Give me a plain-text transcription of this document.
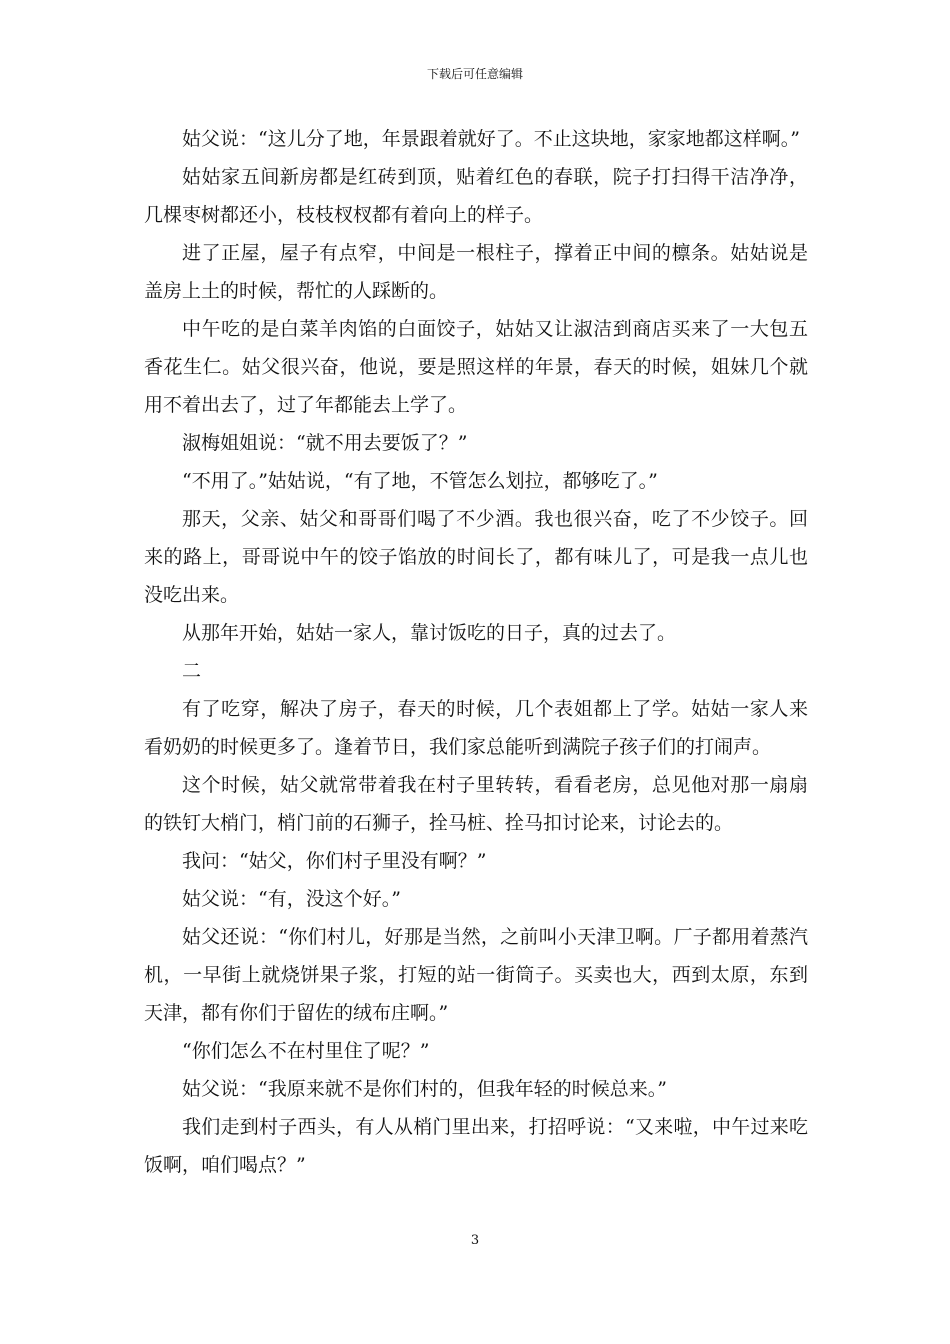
下载后可任意编辑

姑父说：“这儿分了地，年景跟着就好了。不止这块地，家家地都这样啊。”

姑姑家五间新房都是红砖到顶，贴着红色的春联，院子打扫得干洁净净，几棵枣树都还小，枝枝杈杈都有着向上的样子。

进了正屋，屋子有点窄，中间是一根柱子，撑着正中间的檩条。姑姑说是盖房上土的时候，帮忙的人踩断的。

中午吃的是白菜羊肉馅的白面饺子，姑姑又让淑洁到商店买来了一大包五香花生仁。姑父很兴奋，他说，要是照这样的年景，春天的时候，姐妹几个就用不着出去了，过了年都能去上学了。

淑梅姐姐说：“就不用去要饭了？”

“不用了。”姑姑说，“有了地，不管怎么划拉，都够吃了。”

那天，父亲、姑父和哥哥们喝了不少酒。我也很兴奋，吃了不少饺子。回来的路上，哥哥说中午的饺子馅放的时间长了，都有味儿了，可是我一点儿也没吃出来。

从那年开始，姑姑一家人，靠讨饭吃的日子，真的过去了。

二

有了吃穿，解决了房子，春天的时候，几个表姐都上了学。姑姑一家人来看奶奶的时候更多了。逢着节日，我们家总能听到满院子孩子们的打闹声。

这个时候，姑父就常带着我在村子里转转，看看老房，总见他对那一扇扇的铁钉大梢门，梢门前的石狮子，拴马桩、拴马扣讨论来，讨论去的。

我问：“姑父，你们村子里没有啊？”

姑父说：“有，没这个好。”

姑父还说：“你们村儿，好那是当然，之前叫小天津卫啊。厂子都用着蒸汽机，一早街上就烧饼果子浆，打短的站一街筒子。买卖也大，西到太原，东到天津，都有你们于留佐的绒布庄啊。”

“你们怎么不在村里住了呢？”

姑父说：“我原来就不是你们村的，但我年轻的时候总来。”

我们走到村子西头，有人从梢门里出来，打招呼说：“又来啦，中午过来吃饭啊，咱们喝点？”

3
